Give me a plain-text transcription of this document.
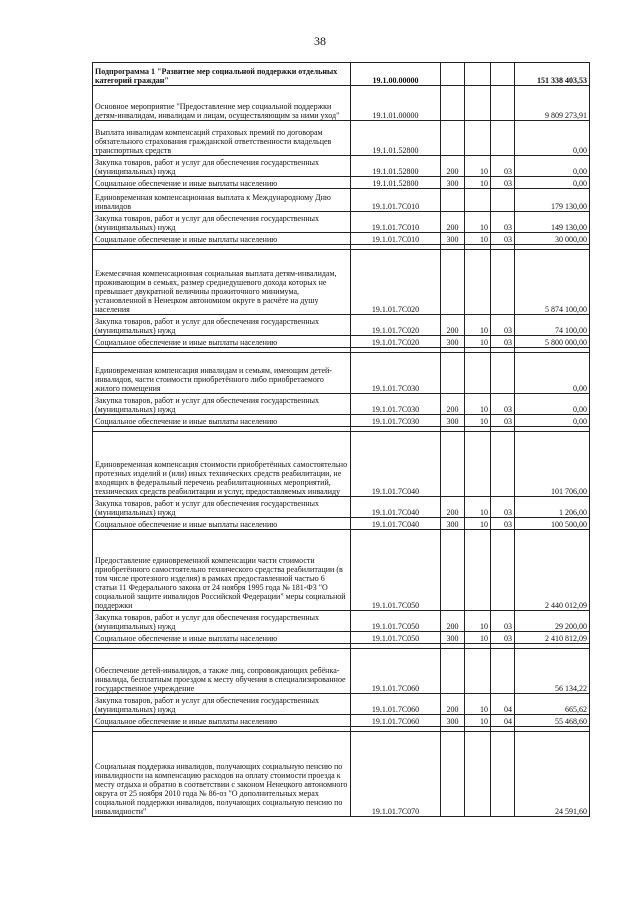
38
Подпрограмма 1 "Развитие мер социальной поддержки отдельных категорий граждан"	19.1.00.00000				151 338 403,53
Основное мероприятие "Предоставление мер социальной поддержки детям-инвалидам, инвалидам и лицам, осуществляющим за ними уход"	19.1.01.00000				9 809 273,91
Выплата инвалидам компенсаций страховых премий по договорам обязательного страхования гражданской ответственности владельцев транспортных средств	19.1.01.52800				0,00
Закупка товаров, работ и услуг для обеспечения государственных (муниципальных) нужд	19.1.01.52800	200	10	03	0,00
Социальное обеспечение и иные выплаты населению	19.1.01.52800	300	10	03	0,00
Единовременная компенсационная выплата к Международному Дню инвалидов	19.1.01.7С010				179 130,00
Закупка товаров, работ и услуг для обеспечения государственных (муниципальных) нужд	19.1.01.7С010	200	10	03	149 130,00
Социальное обеспечение и иные выплаты населению	19.1.01.7С010	300	10	03	30 000,00

Ежемесячная компенсационная социальная выплата детям-инвалидам, проживающим в семьях, размер среднедушевого дохода которых не превышает двукратной величины прожиточного минимума, установленной в Ненецком автономном округе в расчёте на душу населения	19.1.01.7С020				5 874 100,00
Закупка товаров, работ и услуг для обеспечения государственных (муниципальных) нужд	19.1.01.7С020	200	10	03	74 100,00
Социальное обеспечение и иные выплаты населению	19.1.01.7С020	300	10	03	5 800 000,00

Единовременная компенсация инвалидам и семьям, имеющим детей-инвалидов, части стоимости приобретённого либо приобретаемого жилого помещения	19.1.01.7С030				0,00
Закупка товаров, работ и услуг для обеспечения государственных (муниципальных) нужд	19.1.01.7С030	200	10	03	0,00
Социальное обеспечение и иные выплаты населению	19.1.01.7С030	300	10	03	0,00

Единовременная компенсация стоимости приобретённых самостоятельно протезных изделий и (или) иных технических средств реабилитации, не входящих в федеральный перечень реабилитационных мероприятий, технических средств реабилитации и услуг, предоставляемых инвалиду	19.1.01.7С040				101 706,00
Закупка товаров, работ и услуг для обеспечения государственных (муниципальных) нужд	19.1.01.7С040	200	10	03	1 206,00
Социальное обеспечение и иные выплаты населению	19.1.01.7С040	300	10	03	100 500,00
Предоставление единовременной компенсации части стоимости приобретённого самостоятельно технического средства реабилитации (в том числе протезного изделия) в рамках предоставленной частью 6 статьи 11 Федерального закона от 24 ноября 1995 года № 181-ФЗ "О социальной защите инвалидов Российской Федерации" меры социальной поддержки	19.1.01.7С050				2 440 012,09
Закупка товаров, работ и услуг для обеспечения государственных (муниципальных) нужд	19.1.01.7С050	200	10	03	29 200,00
Социальное обеспечение и иные выплаты населению	19.1.01.7С050	300	10	03	2 410 812,09

Обеспечение детей-инвалидов, а также лиц, сопровождающих ребёнка-инвалида, бесплатным проездом к месту обучения в специализированное государственное учреждение	19.1.01.7С060				56 134,22
Закупка товаров, работ и услуг для обеспечения государственных (муниципальных) нужд	19.1.01.7С060	200	10	04	665,62
Социальное обеспечение и иные выплаты населению	19.1.01.7С060	300	10	04	55 468,60

Социальная поддержка инвалидов, получающих социальную пенсию по инвалидности на компенсацию расходов на оплату стоимости проезда к месту отдыха и обратно в соответствии с законом Ненецкого автономного округа от 25 ноября 2010 года № 86-оз "О дополнительных мерах социальной поддержки инвалидов, получающих социальную пенсию по инвалидности"	19.1.01.7С070				24 591,60
